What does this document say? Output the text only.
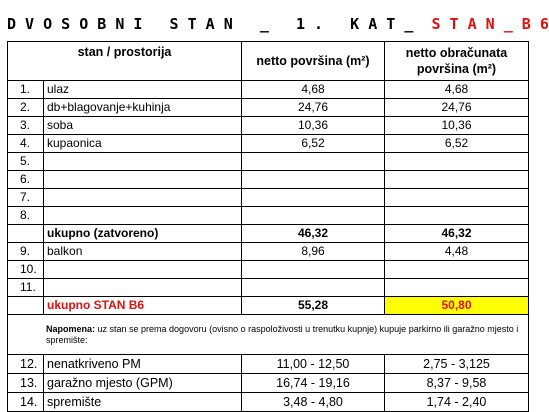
D V O S O B N I   S T A N   _   1 .   K A T _  S T A N _ B 6
stan / prostorija		netto površina (m²)	netto obračunata površina (m²)
1.	ulaz	4,68	4,68
2.	db+blagovanje+kuhinja	24,76	24,76
3.	soba	10,36	10,36
4.	kupaonica	6,52	6,52
5.			
6.			
7.			
8.			
	ukupno (zatvoreno)	46,32	46,32
9.	balkon	8,96	4,48
10.			
11.			
	ukupno STAN B6	55,28	50,80
Napomena: uz stan se prema dogovoru (ovisno o raspoloživosti u trenutku kupnje) kupuje parkirno ili garažno mjesto i spremište:			
12.	nenatkriveno PM	11,00 - 12,50	2,75 - 3,125
13.	garažno mjesto (GPM)	16,74 - 19,16	8,37 - 9,58
14.	spremište	3,48 - 4,80	1,74 - 2,40
